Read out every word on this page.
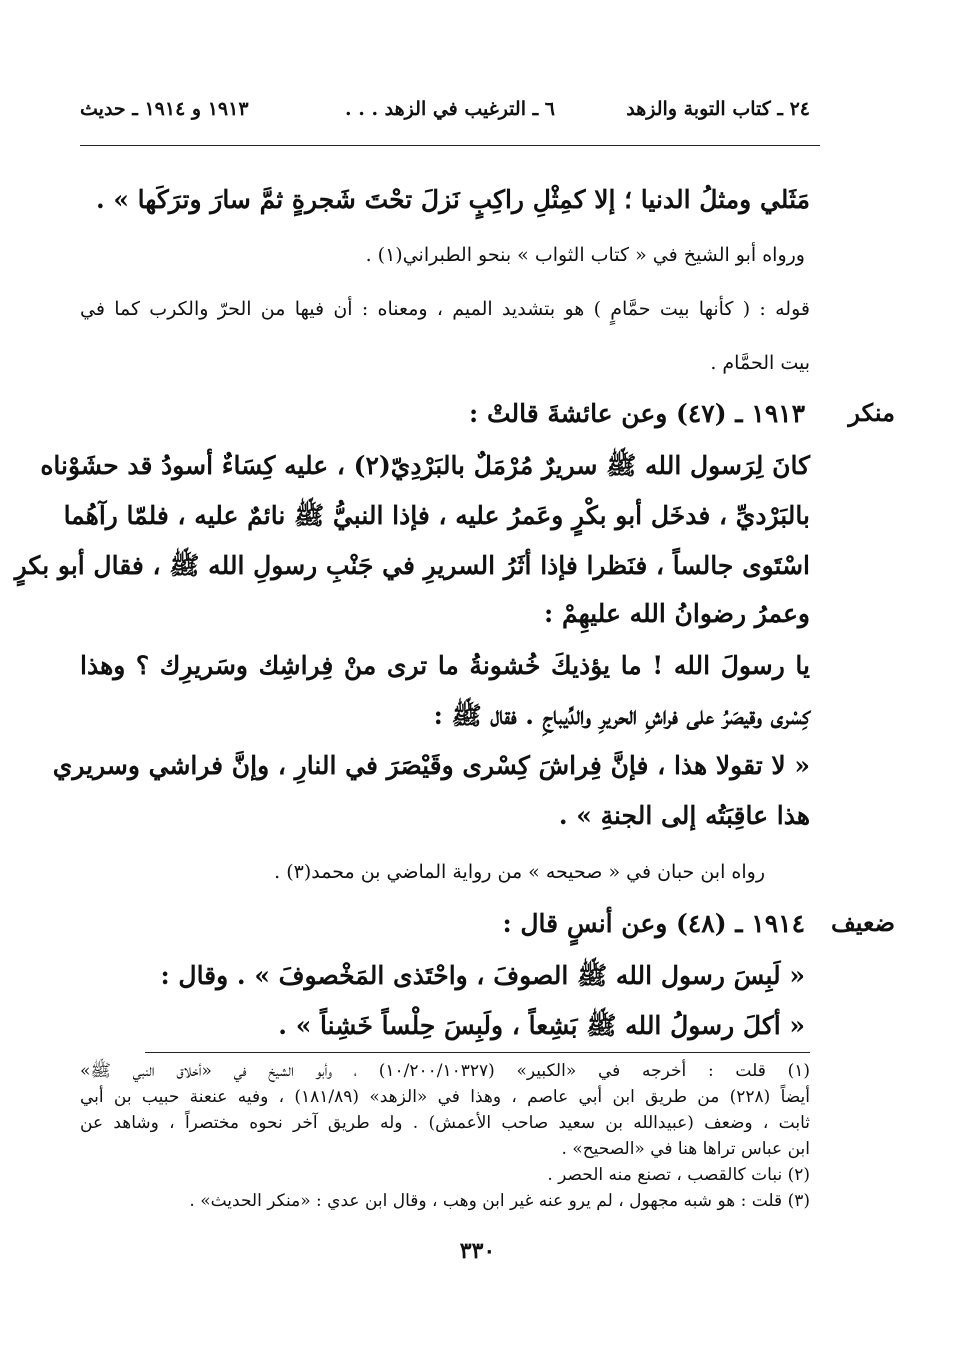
٢٤ ـ كتاب التوبة والزهد
٦ ـ الترغيب في الزهد . . .
١٩١٣ و ١٩١٤ ـ حديث
مَثَلي ومثلُ الدنيا ؛ إلا كمِثْلِ راكِبٍ نَزلَ تحْتَ شَجرةٍ ثمَّ سارَ وترَكَها » .
ورواه أبو الشيخ في « كتاب الثواب » بنحو الطبراني(١) .
قوله : ( كأنها بيت حمَّامٍ ) هو بتشديد الميم ، ومعناه : أن فيها من الحرّ والكرب كما في
بيت الحمَّام .
منكر
١٩١٣ ـ (٤٧) وعن عائشةَ قالتْ :
كانَ لِرَسول الله ﷺ سريرٌ مُرْمَلٌ بالبَرْدِيّ(٢) ، عليه كِسَاءٌ أسودُ قد حشَوْناه
بالبَرْديِّ ، فدخَل أبو بكْرٍ وعَمرُ عليه ، فإذا النبيُّ ﷺ نائمٌ عليه ، فلمّا رآهُما
اسْتَوى جالساً ، فنَظرا فإذا أثَرُ السريرِ في جَنْبِ رسولِ الله ﷺ ، فقال أبو بكرٍ
وعمرُ رضوانُ الله عليهِمْ :
يا رسولَ الله ! ما يؤذيكَ خُشونةُ ما ترى منْ فِراشِك وسَريرِك ؟ وهذا
كِسْرى وقيصَرُ على فراشِ الحريرِ والدِّيباجِ . فقال ﷺ :
« لا تقولا هذا ، فإنَّ فِراشَ كِسْرى وقَيْصَرَ في النارِ ، وإنَّ فراشي وسريري
هذا عاقِبَتُه إلى الجنةِ » .
رواه ابن حبان في « صحيحه » من رواية الماضي بن محمد(٣) .
ضعيف
١٩١٤ ـ (٤٨) وعن أنسٍ قال :
« لَبِسَ رسول الله ﷺ الصوفَ ، واحْتَذى المَخْصوفَ » . وقال :
« أكلَ رسولُ الله ﷺ بَشِعاً ، ولَبِسَ حِلْساً خَشِناً » .
(١) قلت : أخرجه في «الكبير» (١٠/٢٠٠/١٠٣٢٧) ، وأبو الشيخ في «أخلاق النبي ﷺ»
أيضاً (٢٢٨) من طريق ابن أبي عاصم ، وهذا في «الزهد» (١٨١/٨٩) ، وفيه عنعنة حبيب بن أبي
ثابت ، وضعف (عبيدالله بن سعيد صاحب الأعمش) . وله طريق آخر نحوه مختصراً ، وشاهد عن
ابن عباس تراها هنا في «الصحيح» .
(٢) نبات كالقصب ، تصنع منه الحصر .
(٣) قلت : هو شبه مجهول ، لم يرو عنه غير ابن وهب ، وقال ابن عدي : «منكر الحديث» .
٣٣٠
